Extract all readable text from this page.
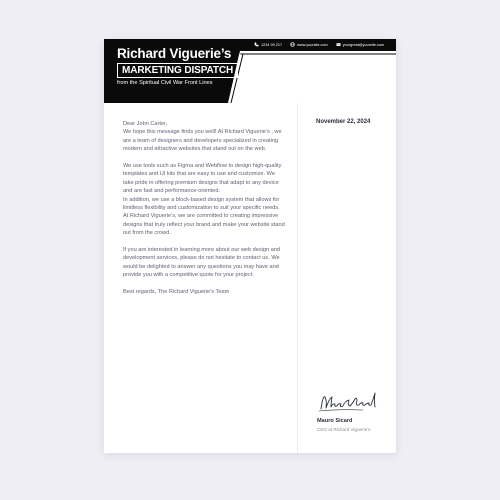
Richard Viguerie’s
MARKETING DISPATCH
from the Spiritual Civil War Front Lines
1234 99 217	www.yoursite.com	yourgreat@yoursite.com

Dear John Carter,

We hope this message finds you well! At Richard Viguerie’s , we are a team of designers and developers specialized in creating modern and attractive websites that stand out on the web.

We use tools such as Figma and Webflow to design high-quality templates and UI kits that are easy to use and customize. We take pride in offering premium designs that adapt to any device and are fast and performance-oriented.

In addition, we use a block-based design system that allows for limitless flexibility and customization to suit your specific needs. At Richard Viguerie’s, we are committed to creating impressive designs that truly reflect your brand and make your website stand out from the crowd.

If you are interested in learning more about our web design and development services, please do not hesitate to contact us. We would be delighted to answer any questions you may have and provide you with a competitive quote for your project.

Best regards, The Richard Viguerie’s Team

November 22, 2024
Mauro Sicard
CEO at Richard Viguerie’s
